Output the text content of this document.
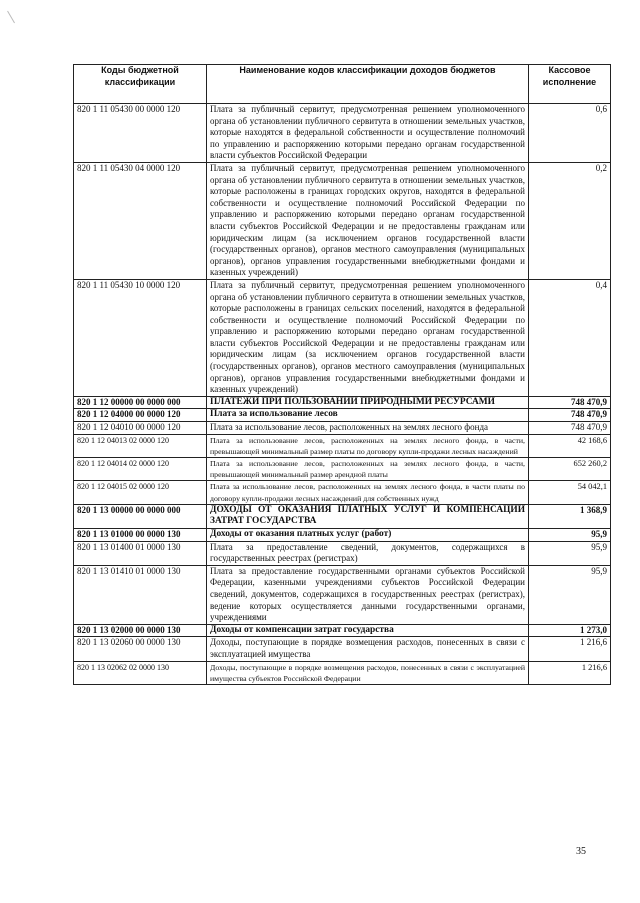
Коды бюджетной классификации	Наименование кодов классификации доходов бюджетов	Кассовое исполнение
820 1 11 05430 00 0000 120	Плата за публичный сервитут, предусмотренная решением уполномоченного органа об установлении публичного сервитута в отношении земельных участков, которые находятся в федеральной собственности и осуществление полномочий по управлению и распоряжению которыми передано органам государственной власти субъектов Российской Федерации	0,6
820 1 11 05430 04 0000 120	Плата за публичный сервитут, предусмотренная решением уполномоченного органа об установлении публичного сервитута в отношении земельных участков, которые расположены в границах городских округов, находятся в федеральной собственности и осуществление полномочий Российской Федерации по управлению и распоряжению которыми передано органам государственной власти субъектов Российской Федерации и не предоставлены гражданам или юридическим лицам (за исключением органов государственной власти (государственных органов), органов местного самоуправления (муниципальных органов), органов управления государственными внебюджетными фондами и казенных учреждений)	0,2
820 1 11 05430 10 0000 120	Плата за публичный сервитут, предусмотренная решением уполномоченного органа об установлении публичного сервитута в отношении земельных участков, которые расположены в границах сельских поселений, находятся в федеральной собственности и осуществление полномочий Российской Федерации по управлению и распоряжению которыми передано органам государственной власти субъектов Российской Федерации и не предоставлены гражданам или юридическим лицам (за исключением органов государственной власти (государственных органов), органов местного самоуправления (муниципальных органов), органов управления государственными внебюджетными фондами и казенных учреждений)	0,4
820 1 12 00000 00 0000 000	ПЛАТЕЖИ ПРИ ПОЛЬЗОВАНИИ ПРИРОДНЫМИ РЕСУРСАМИ	748 470,9
820 1 12 04000 00 0000 120	Плата за использование лесов	748 470,9
820 1 12 04010 00 0000 120	Плата за использование лесов, расположенных на землях лесного фонда	748 470,9
820 1 12 04013 02 0000 120	Плата за использование лесов, расположенных на землях лесного фонда, в части, превышающей минимальный размер платы по договору купли-продажи лесных насаждений	42 168,6
820 1 12 04014 02 0000 120	Плата за использование лесов, расположенных на землях лесного фонда, в части, превышающей минимальный размер арендной платы	652 260,2
820 1 12 04015 02 0000 120	Плата за использование лесов, расположенных на землях лесного фонда, в части платы по договору купли-продажи лесных насаждений для собственных нужд	54 042,1
820 1 13 00000 00 0000 000	ДОХОДЫ ОТ ОКАЗАНИЯ ПЛАТНЫХ УСЛУГ И КОМПЕНСАЦИИ ЗАТРАТ ГОСУДАРСТВА	1 368,9
820 1 13 01000 00 0000 130	Доходы от оказания платных услуг (работ)	95,9
820 1 13 01400 01 0000 130	Плата за предоставление сведений, документов, содержащихся в государственных реестрах (регистрах)	95,9
820 1 13 01410 01 0000 130	Плата за предоставление государственными органами субъектов Российской Федерации, казенными учреждениями субъектов Российской Федерации сведений, документов, содержащихся в государственных реестрах (регистрах), ведение которых осуществляется данными государственными органами, учреждениями	95,9
820 1 13 02000 00 0000 130	Доходы от компенсации затрат государства	1 273,0
820 1 13 02060 00 0000 130	Доходы, поступающие в порядке возмещения расходов, понесенных в связи с эксплуатацией имущества	1 216,6
820 1 13 02062 02 0000 130	Доходы, поступающие в порядке возмещения расходов, понесенных в связи с эксплуатацией имущества субъектов Российской Федерации	1 216,6
35
